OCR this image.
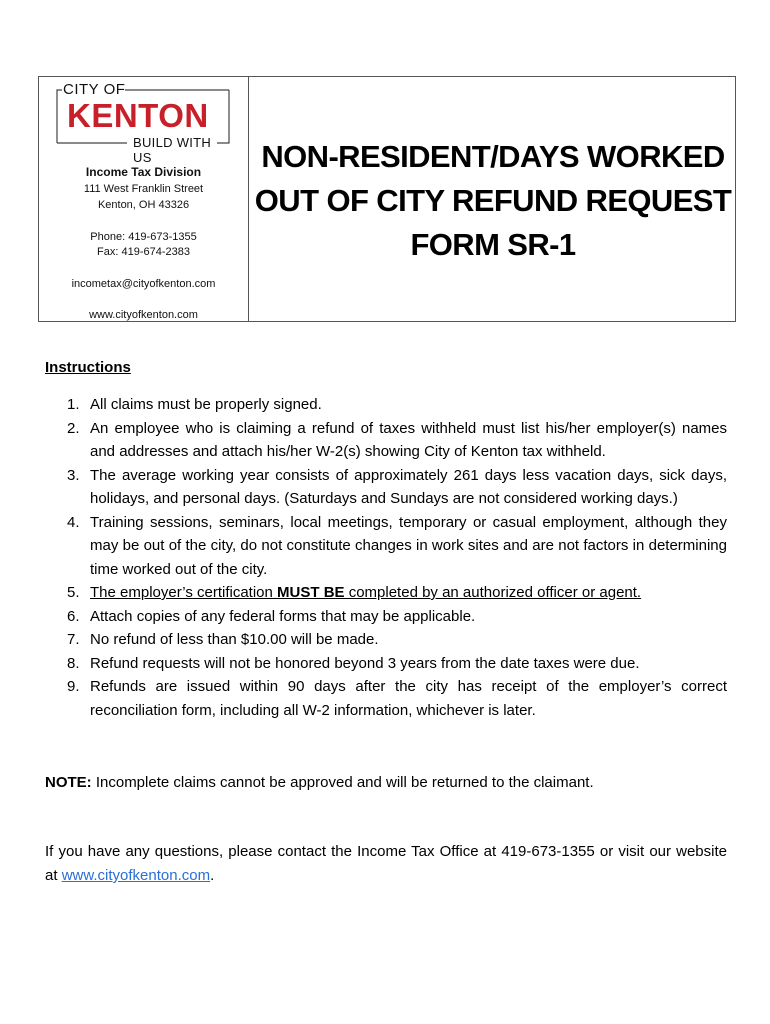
CITY OF
KENTON
BUILD WITH US
Income Tax Division
111 West Franklin Street
Kenton, OH 43326
Phone: 419-673-1355
Fax: 419-674-2383
incometax@cityofkenton.com
www.cityofkenton.com
NON-RESIDENT/DAYS WORKED
OUT OF CITY REFUND REQUEST
FORM SR-1
Instructions
1. All claims must be properly signed.
2. An employee who is claiming a refund of taxes withheld must list his/her employer(s) names and addresses and attach his/her W-2(s) showing City of Kenton tax withheld.
3. The average working year consists of approximately 261 days less vacation days, sick days, holidays, and personal days. (Saturdays and Sundays are not considered working days.)
4. Training sessions, seminars, local meetings, temporary or casual employment, although they may be out of the city, do not constitute changes in work sites and are not factors in determining time worked out of the city.
5. The employer’s certification MUST BE completed by an authorized officer or agent.
6. Attach copies of any federal forms that may be applicable.
7. No refund of less than $10.00 will be made.
8. Refund requests will not be honored beyond 3 years from the date taxes were due.
9. Refunds are issued within 90 days after the city has receipt of the employer’s correct reconciliation form, including all W-2 information, whichever is later.
NOTE: Incomplete claims cannot be approved and will be returned to the claimant.
If you have any questions, please contact the Income Tax Office at 419-673-1355 or visit our website at www.cityofkenton.com.
